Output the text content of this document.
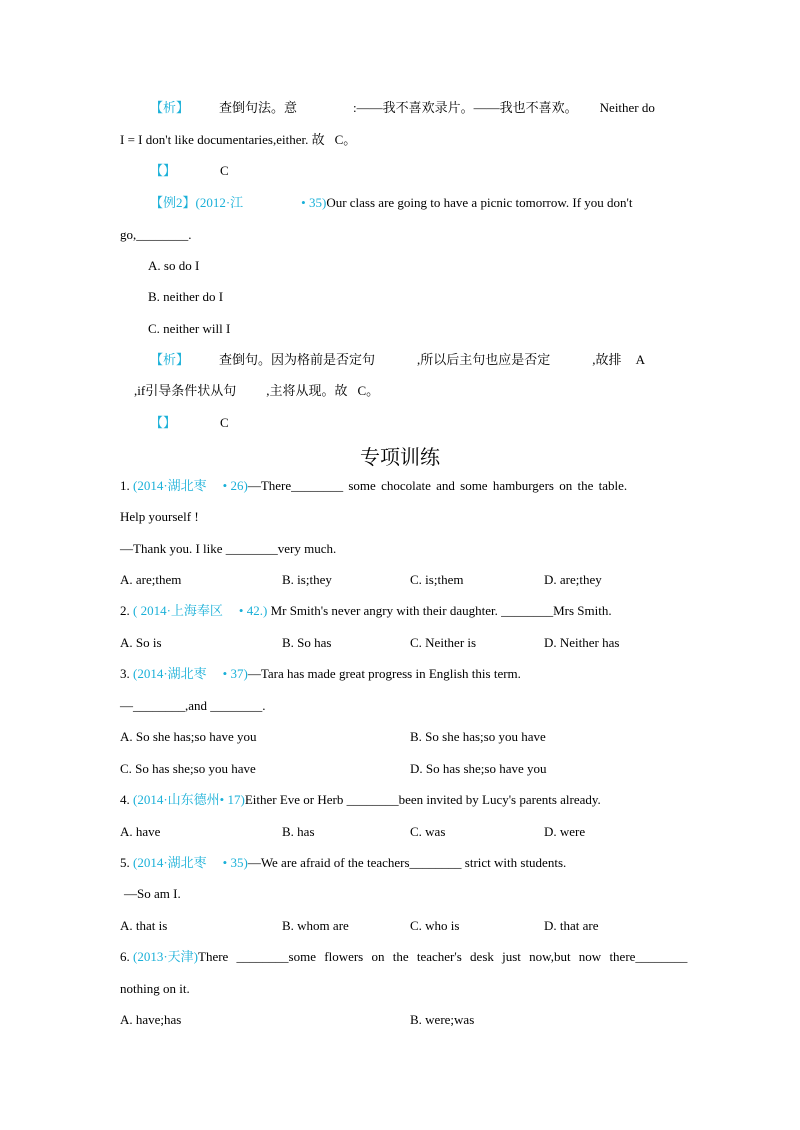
【析】 查倒句法。意	:——我不喜欢录片。——我也不喜欢。 Neither do
I = I don't like documentaries,either. 故 C。
【】	C
【例2】(2012·江	• 35)Our class are going to have a picnic tomorrow. If you don't
go,________.
A. so do I
B. neither do I
C. neither will I
【析】 查倒句。因为格前是否定句	,所以后主句也应是否定	,故排 A
,if引导条件状从句 ,主将从现。故 C。
【】	C
专项训练
1. (2014·湖北枣 • 26)—There________ some chocolate and some hamburgers on the table.
Help yourself !
—Thank you. I like ________very much.
A. are;them	B. is;they	C. is;them	D. are;they
2. ( 2014·上海奉区 • 42.) Mr Smith's never angry with their daughter. ________Mrs Smith.
A. So is	B. So has	C. Neither is	D. Neither has
3. (2014·湖北枣 • 37)—Tara has made great progress in English this term.
—________,and ________.
A. So she has;so have you	B. So she has;so you have
C. So has she;so you have	D. So has she;so have you
4. (2014·山东德州• 17)Either Eve or Herb ________been invited by Lucy's parents already.
A. have	B. has	C. was	D. were
5. (2014·湖北枣 • 35)—We are afraid of the teachers________ strict with students.
—So am I.
A. that is	B. whom are	C. who is	D. that are
6. (2013·天津)There ________some flowers on the teacher's desk just now,but now there________
nothing on it.
A. have;has	B. were;was
